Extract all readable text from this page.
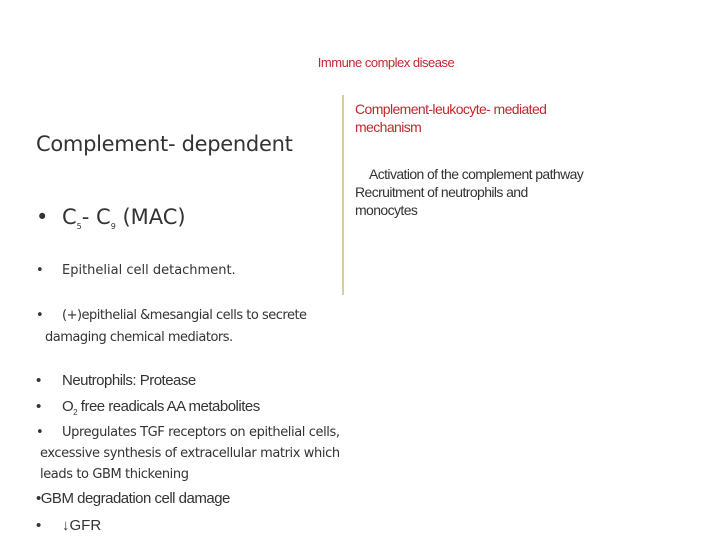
Immune complex disease
Complement- dependent
• $C_5-$ $C_9$ (MAC)
• Epithelial cell detachment.
• (+)epithelial &mesangial cells to secrete
damaging chemical mediators.
• Neutrophils: Protease
• $O_2$ free readicals AA metabolites
• Upregulates TGF receptors on epithelial cells,
excessive synthesis of extracellular matrix which
leads to GBM thickening
•GBM degradation cell damage
• ↓GFR
Complement-leukocyte- mediated
mechanism
Activation of the complement pathway
Recruitment of neutrophils and
monocytes
